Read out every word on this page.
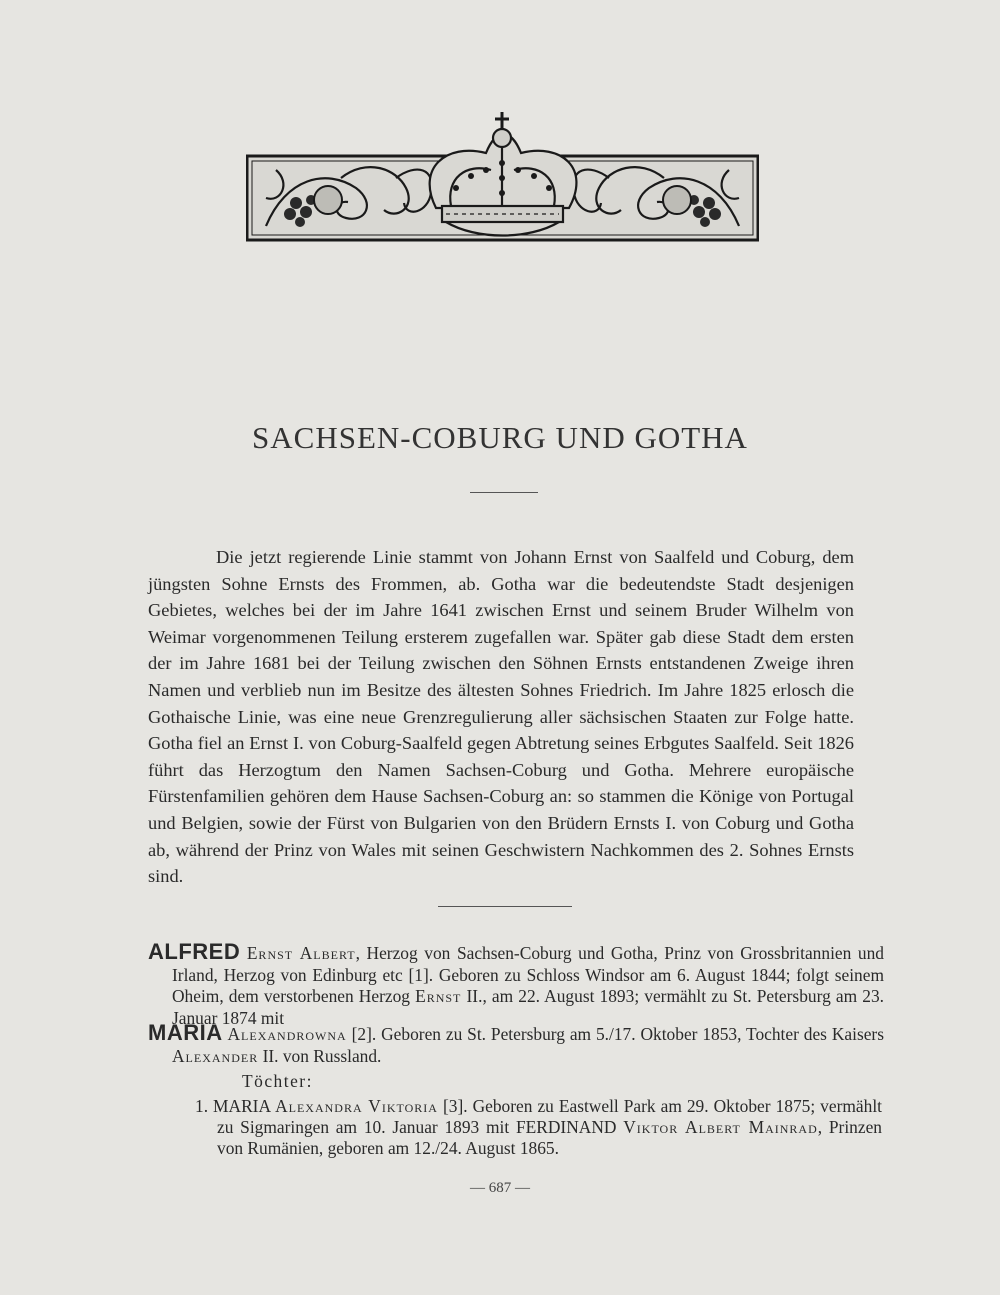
SACHSEN-COBURG UND GOTHA

Die jetzt regierende Linie stammt von Johann Ernst von Saalfeld und Coburg, dem jüngsten Sohne Ernsts des Frommen, ab. Gotha war die bedeutendste Stadt desjenigen Gebietes, welches bei der im Jahre 1641 zwischen Ernst und seinem Bruder Wilhelm von Weimar vorgenommenen Teilung ersterem zugefallen war. Später gab diese Stadt dem ersten der im Jahre 1681 bei der Teilung zwischen den Söhnen Ernsts entstandenen Zweige ihren Namen und verblieb nun im Besitze des ältesten Sohnes Friedrich. Im Jahre 1825 erlosch die Gothaische Linie, was eine neue Grenzregulierung aller sächsischen Staaten zur Folge hatte. Gotha fiel an Ernst I. von Coburg-Saalfeld gegen Abtretung seines Erbgutes Saalfeld. Seit 1826 führt das Herzogtum den Namen Sachsen-Coburg und Gotha. Mehrere europäische Fürstenfamilien gehören dem Hause Sachsen-Coburg an: so stammen die Könige von Portugal und Belgien, sowie der Fürst von Bulgarien von den Brüdern Ernsts I. von Coburg und Gotha ab, während der Prinz von Wales mit seinen Geschwistern Nachkommen des 2. Sohnes Ernsts sind.

ALFRED Ernst Albert, Herzog von Sachsen-Coburg und Gotha, Prinz von Grossbritannien und Irland, Herzog von Edinburg etc [1]. Geboren zu Schloss Windsor am 6. August 1844; folgt seinem Oheim, dem verstorbenen Herzog Ernst II., am 22. August 1893; vermählt zu St. Petersburg am 23. Januar 1874 mit

MARIA Alexandrowna [2]. Geboren zu St. Petersburg am 5./17. Oktober 1853, Tochter des Kaisers Alexander II. von Russland.

Töchter:

1. MARIA Alexandra Viktoria [3]. Geboren zu Eastwell Park am 29. Oktober 1875; vermählt zu Sigmaringen am 10. Januar 1893 mit FERDINAND Viktor Albert Mainrad, Prinzen von Rumänien, geboren am 12./24. August 1865.

— 687 —
